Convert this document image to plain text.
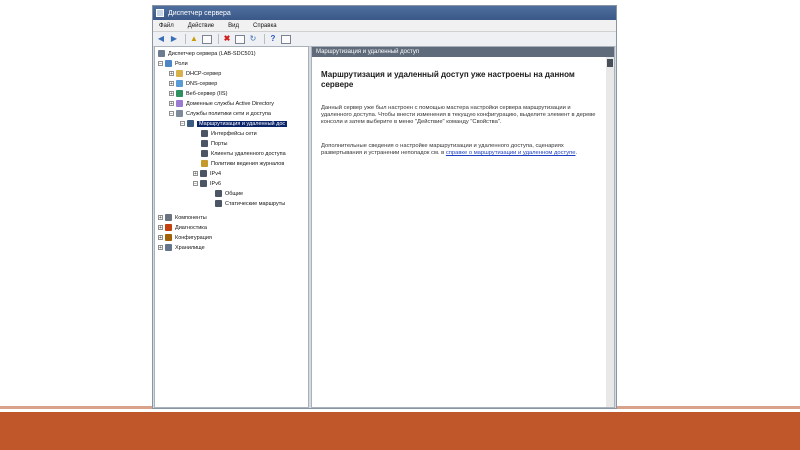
Диспетчер сервера
Файл Действие Вид Справка
◀ ▶ ▲	✖ ↻	?
Диспетчер сервера (LAB-SDC501)
− Роли
+ DHCP-сервер
+ DNS-сервер
+ Веб-сервер (IIS)
+ Доменные службы Active Directory
− Службы политики сети и доступа
−	Маршрутизация и удаленный дос
Интерфейсы сети
Порты
Клиенты удаленного доступа
Политики ведения журналов
+ IPv4
− IPv6
Общие
Статические маршруты
+ Компоненты
+ Диагностика
+ Конфигурация
+ Хранилище
Маршрутизация и удаленный доступ
Маршрутизация и удаленный доступ уже настроены на данном сервере
Данный сервер уже был настроен с помощью мастера настройки сервера маршрутизации и удаленного доступа. Чтобы внести изменения в текущую конфигурацию, выделите элемент в дереве консоли и затем выберите в меню "Действие" команду "Свойства".
Дополнительные сведения о настройке маршрутизации и удаленного доступа, сценариях развертывания и устранении неполадок см. в справке о маршрутизации и удаленном доступе.
